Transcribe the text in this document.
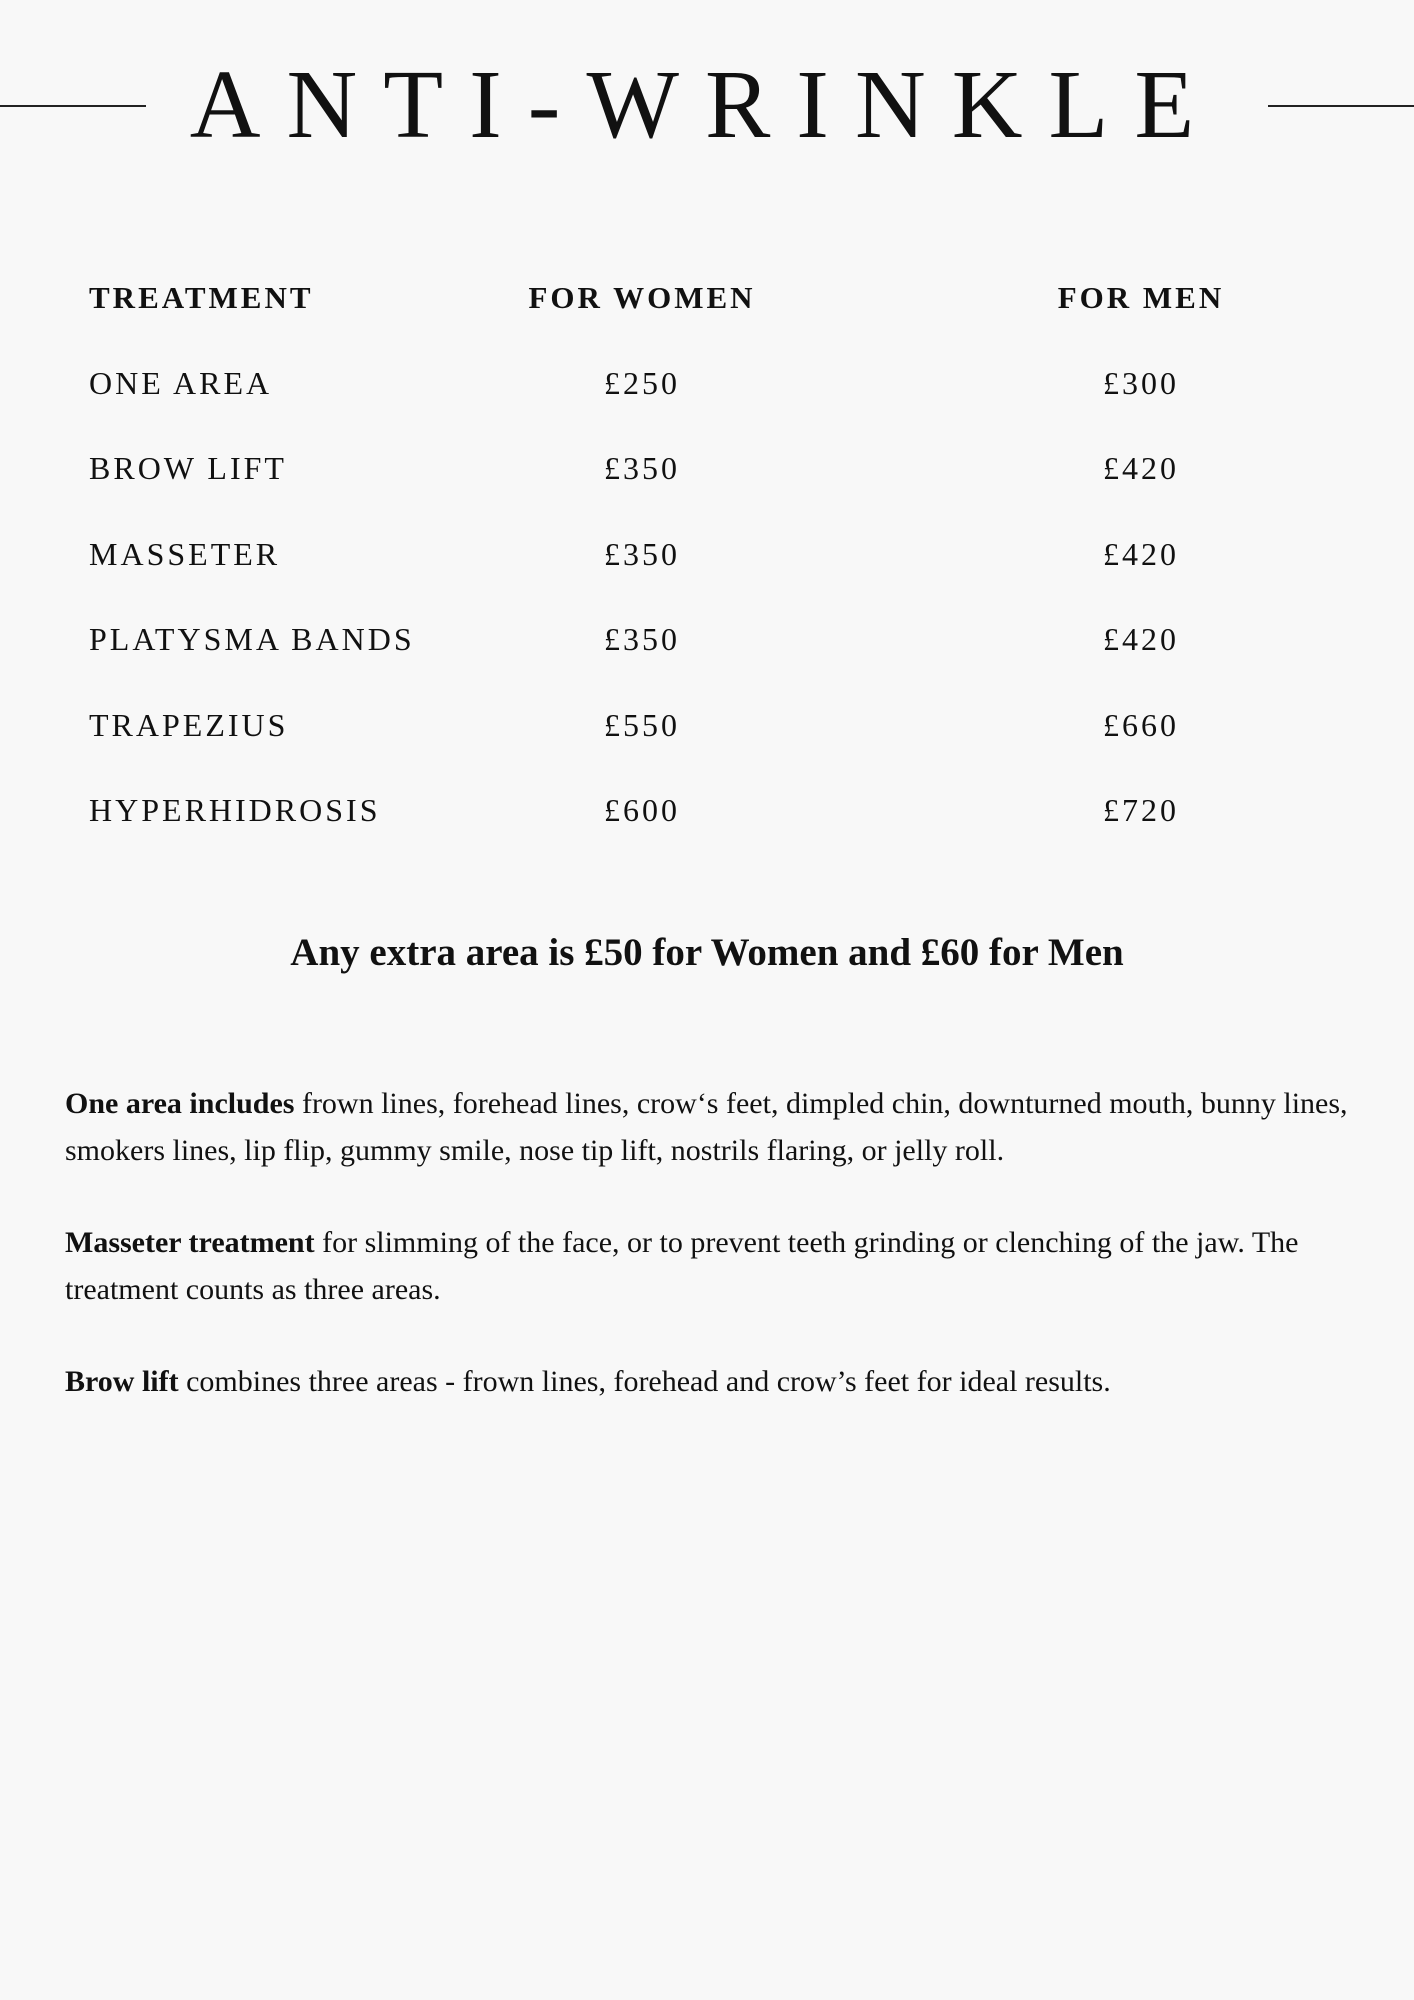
ANTI-WRINKLE
TREATMENT	FOR WOMEN	FOR MEN
ONE AREA	£250	£300
BROW LIFT	£350	£420
MASSETER	£350	£420
PLATYSMA BANDS	£350	£420
TRAPEZIUS	£550	£660
HYPERHIDROSIS	£600	£720

Any extra area is £50 for Women and £60 for Men

One area includes frown lines, forehead lines, crow‘s feet, dimpled chin, downturned mouth, bunny lines, smokers lines, lip flip, gummy smile, nose tip lift, nostrils flaring, or jelly roll.

Masseter treatment for slimming of the face, or to prevent teeth grinding or clenching of the jaw. The treatment counts as three areas.

Brow lift combines three areas - frown lines, forehead and crow’s feet for ideal results.
